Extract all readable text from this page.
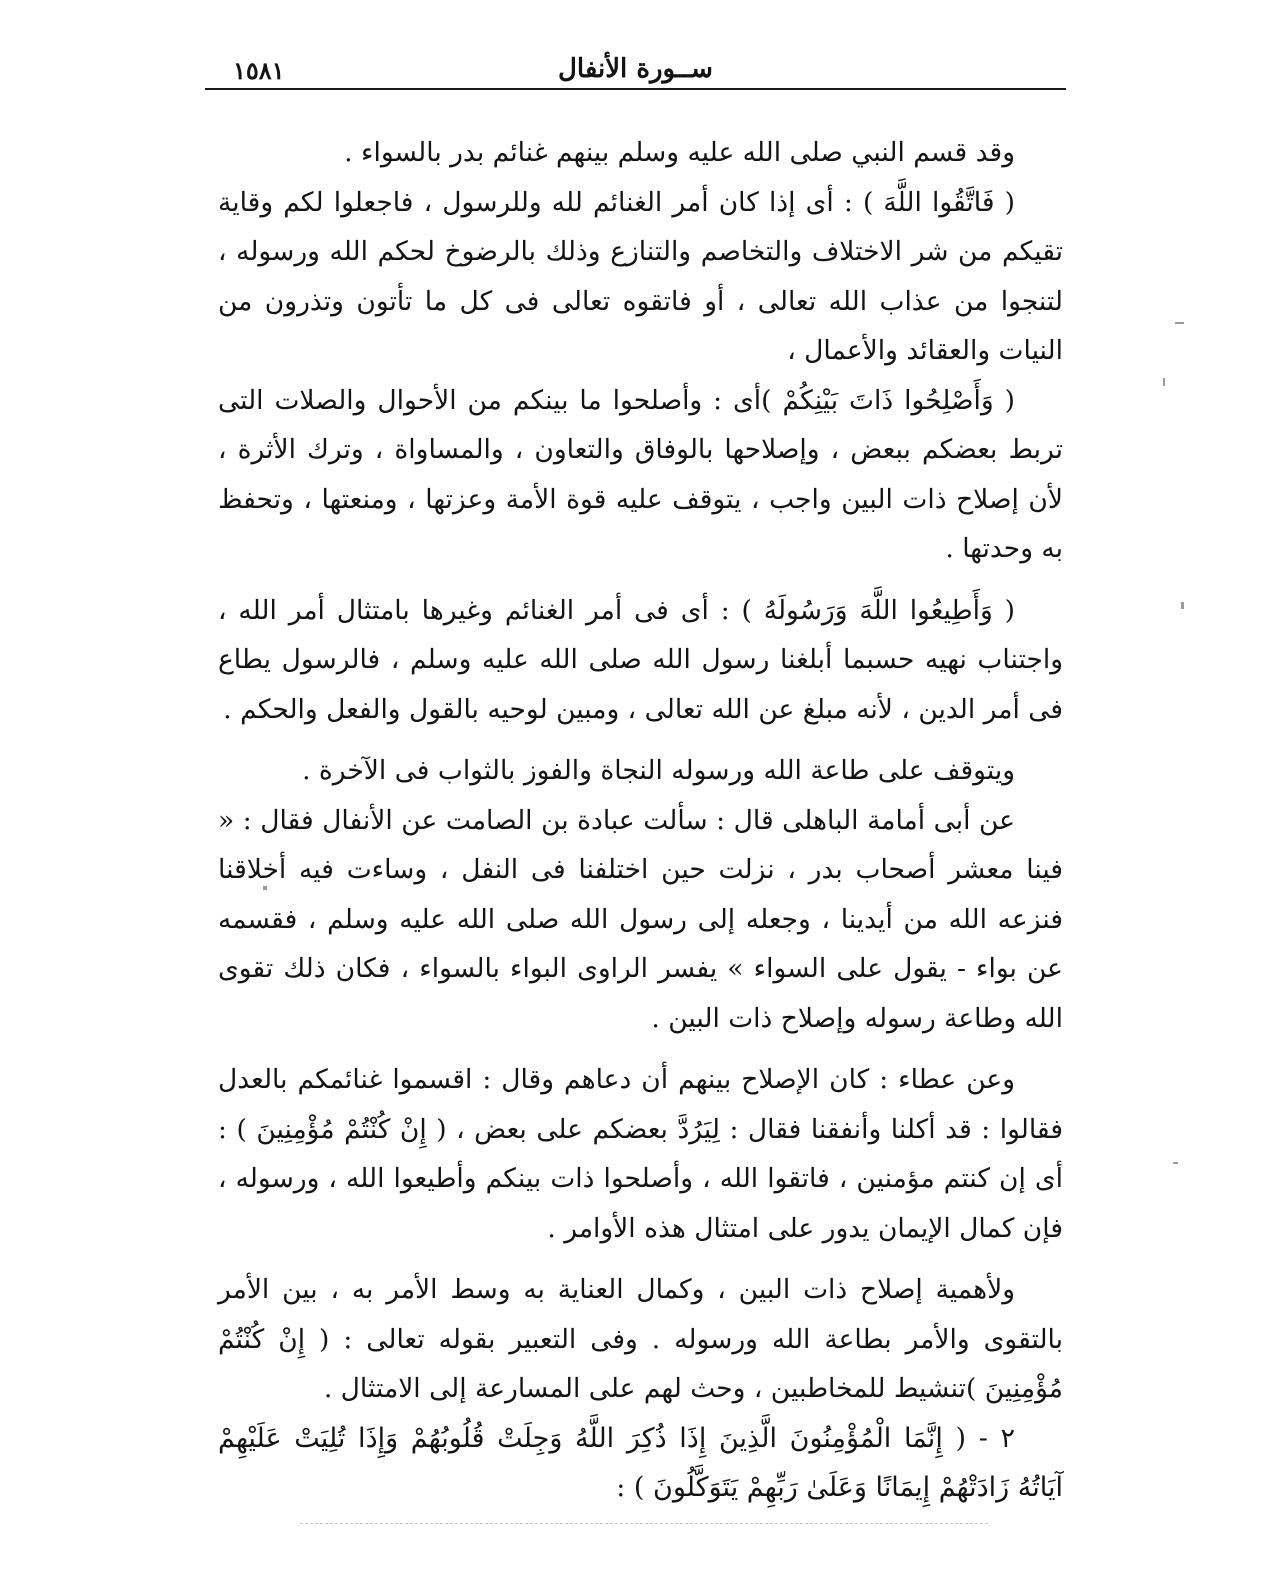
ســورة الأنفال
١٥٨١

وقد قسم النبي صلى الله عليه وسلم بينهم غنائم بدر بالسواء .

( فَاتَّقُوا اللَّهَ ) : أى إذا كان أمر الغنائم لله وللرسول ، فاجعلوا لكم وقاية تقيكم من شر الاختلاف والتخاصم والتنازع وذلك بالرضوخ لحكم الله ورسوله ، لتنجوا من عذاب الله تعالى ، أو فاتقوه تعالى فى كل ما تأتون وتذرون من النيات والعقائد والأعمال ،

( وَأَصْلِحُوا ذَاتَ بَيْنِكُمْ )أى : وأصلحوا ما بينكم من الأحوال والصلات التى تربط بعضكم ببعض ، وإصلاحها بالوفاق والتعاون ، والمساواة ، وترك الأثرة ، لأن إصلاح ذات البين واجب ، يتوقف عليه قوة الأمة وعزتها ، ومنعتها ، وتحفظ به وحدتها .

( وَأَطِيعُوا اللَّهَ وَرَسُولَهُ ) : أى فى أمر الغنائم وغيرها بامتثال أمر الله ، واجتناب نهيه حسبما أبلغنا رسول الله صلى الله عليه وسلم ، فالرسول يطاع فى أمر الدين ، لأنه مبلغ عن الله تعالى ، ومبين لوحيه بالقول والفعل والحكم .

ويتوقف على طاعة الله ورسوله النجاة والفوز بالثواب فى الآخرة .

عن أبى أمامة الباهلى قال : سألت عبادة بن الصامت عن الأنفال فقال : « فينا معشر أصحاب بدر ، نزلت حين اختلفنا فى النفل ، وساءت فيه أخلاقنا فنزعه الله من أيدينا ، وجعله إلى رسول الله صلى الله عليه وسلم ، فقسمه عن بواء - يقول على السواء » يفسر الراوى البواء بالسواء ، فكان ذلك تقوى الله وطاعة رسوله وإصلاح ذات البين .

وعن عطاء : كان الإصلاح بينهم أن دعاهم وقال : اقسموا غنائمكم بالعدل فقالوا : قد أكلنا وأنفقنا فقال : لِيَرُدَّ بعضكم على بعض ، ( إِنْ كُنْتُمْ مُؤْمِنِينَ ) : أى إن كنتم مؤمنين ، فاتقوا الله ، وأصلحوا ذات بينكم وأطيعوا الله ، ورسوله ، فإن كمال الإيمان يدور على امتثال هذه الأوامر .

ولأهمية إصلاح ذات البين ، وكمال العناية به وسط الأمر به ، بين الأمر بالتقوى والأمر بطاعة الله ورسوله . وفى التعبير بقوله تعالى : ( إِنْ كُنْتُمْ مُؤْمِنِينَ )تنشيط للمخاطبين ، وحث لهم على المسارعة إلى الامتثال .

٢ - ( إِنَّمَا الْمُؤْمِنُونَ الَّذِينَ إِذَا ذُكِرَ اللَّهُ وَجِلَتْ قُلُوبُهُمْ وَإِذَا تُلِيَتْ عَلَيْهِمْ آيَاتُهُ زَادَتْهُمْ إِيمَانًا وَعَلَىٰ رَبِّهِمْ يَتَوَكَّلُونَ ) :
